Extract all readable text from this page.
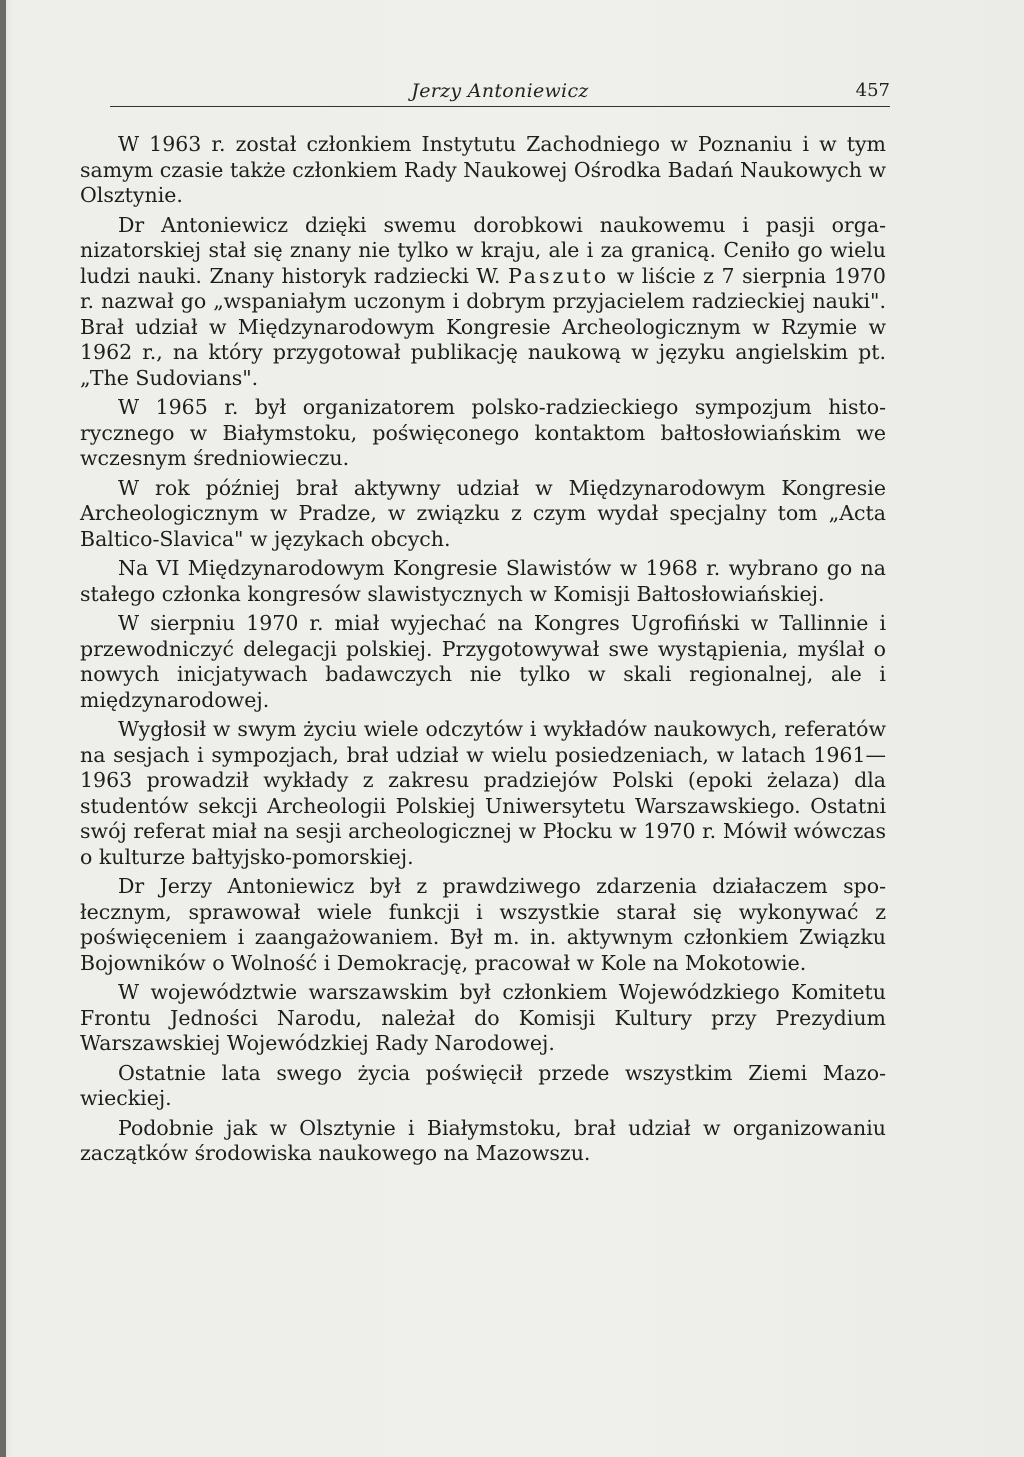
Jerzy Antoniewicz	457

W 1963 r. został członkiem Instytutu Zachodniego w Poznaniu i w tym samym czasie także członkiem Rady Naukowej Ośrodka Badań Naukowych w Olsztynie.

Dr Antoniewicz dzięki swemu dorobkowi naukowemu i pasji organizatorskiej stał się znany nie tylko w kraju, ale i za granicą. Ceniło go wielu ludzi nauki. Znany historyk radziecki W. Paszuto w liście z 7 sierpnia 1970 r. nazwał go „wspaniałym uczonym i dobrym przyjacielem radzieckiej nauki". Brał udział w Międzynarodowym Kongresie Archeologicznym w Rzymie w 1962 r., na który przygotował publikację naukową w języku angielskim pt. „The Sudovians".

W 1965 r. był organizatorem polsko-radzieckiego sympozjum historycznego w Białymstoku, poświęconego kontaktom bałtosłowiańskim we wczesnym średniowieczu.

W rok później brał aktywny udział w Międzynarodowym Kongresie Archeologicznym w Pradze, w związku z czym wydał specjalny tom „Acta Baltico-Slavica" w językach obcych.

Na VI Międzynarodowym Kongresie Slawistów w 1968 r. wybrano go na stałego członka kongresów slawistycznych w Komisji Bałtosłowiańskiej.

W sierpniu 1970 r. miał wyjechać na Kongres Ugrofiński w Tallinnie i przewodniczyć delegacji polskiej. Przygotowywał swe wystąpienia, myślał o nowych inicjatywach badawczych nie tylko w skali regionalnej, ale i międzynarodowej.

Wygłosił w swym życiu wiele odczytów i wykładów naukowych, referatów na sesjach i sympozjach, brał udział w wielu posiedzeniach, w latach 1961—1963 prowadził wykłady z zakresu pradziejów Polski (epoki żelaza) dla studentów sekcji Archeologii Polskiej Uniwersytetu Warszawskiego. Ostatni swój referat miał na sesji archeologicznej w Płocku w 1970 r. Mówił wówczas o kulturze bałtyjsko-pomorskiej.

Dr Jerzy Antoniewicz był z prawdziwego zdarzenia działaczem społecznym, sprawował wiele funkcji i wszystkie starał się wykonywać z poświęceniem i zaangażowaniem. Był m. in. aktywnym członkiem Związku Bojowników o Wolność i Demokrację, pracował w Kole na Mokotowie.

W województwie warszawskim był członkiem Wojewódzkiego Komitetu Frontu Jedności Narodu, należał do Komisji Kultury przy Prezydium Warszawskiej Wojewódzkiej Rady Narodowej.

Ostatnie lata swego życia poświęcił przede wszystkim Ziemi Mazowieckiej.

Podobnie jak w Olsztynie i Białymstoku, brał udział w organizowaniu zaczątków środowiska naukowego na Mazowszu.
